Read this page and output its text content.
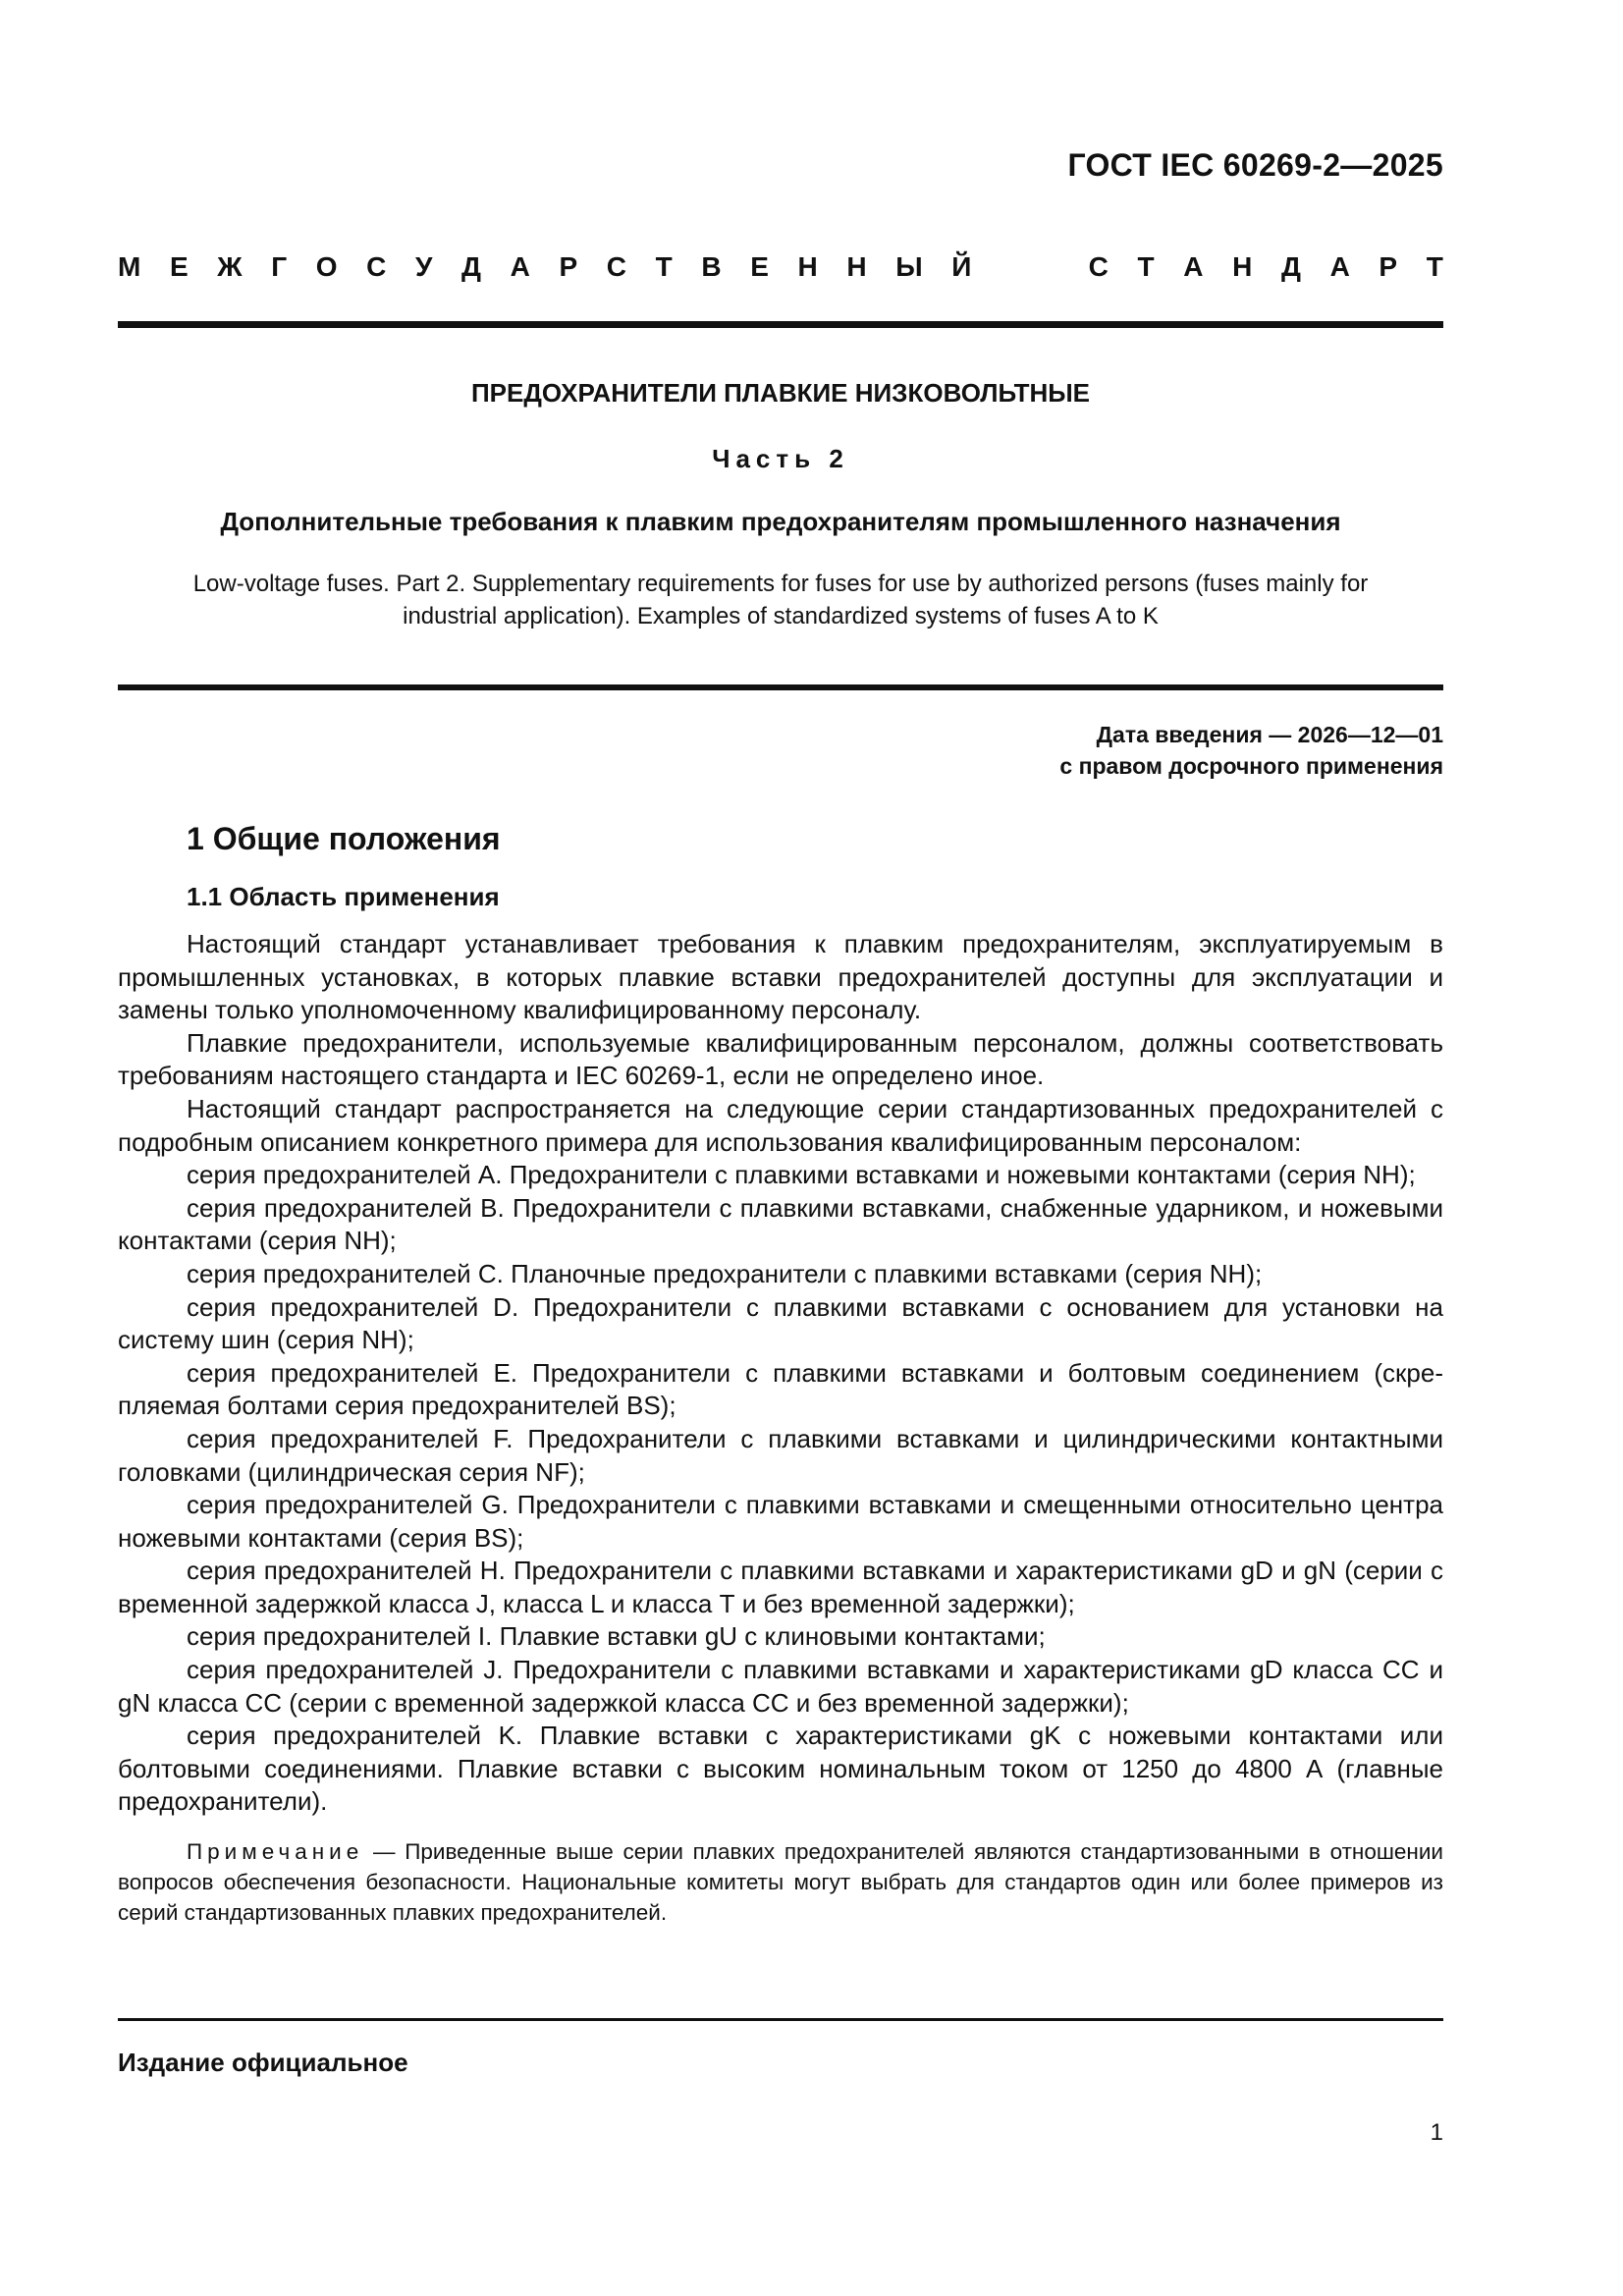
ГОСТ IEC 60269-2—2025
М Е Ж Г О С У Д А Р С Т В Е Н Н Ы Й	С Т А Н Д А Р Т
ПРЕДОХРАНИТЕЛИ ПЛАВКИЕ НИЗКОВОЛЬТНЫЕ
Часть 2
Дополнительные требования к плавким предохранителям промышленного назначения
Low-voltage fuses. Part 2. Supplementary requirements for fuses for use by authorized persons (fuses mainly for industrial application). Examples of standardized systems of fuses A to K
Дата введения — 2026—12—01
с правом досрочного применения
1 Общие положения
1.1 Область применения

Настоящий стандарт устанавливает требования к плавким предохранителям, эксплуатируемым в промышленных установках, в которых плавкие вставки предохранителей доступны для эксплуатации и замены только уполномоченному квалифицированному персоналу.

Плавкие предохранители, используемые квалифицированным персоналом, должны соответствовать требованиям настоящего стандарта и IEC 60269-1, если не определено иное.

Настоящий стандарт распространяется на следующие серии стандартизованных предохранителей с подробным описанием конкретного примера для использования квалифицированным персоналом:

серия предохранителей А. Предохранители с плавкими вставками и ножевыми контактами (серия NH);

серия предохранителей В. Предохранители с плавкими вставками, снабженные ударником, и ножевыми контактами (серия NH);

серия предохранителей С. Планочные предохранители с плавкими вставками (серия NH);

серия предохранителей D. Предохранители с плавкими вставками с основанием для установки на систему шин (серия NH);

серия предохранителей Е. Предохранители с плавкими вставками и болтовым соединением (скрепляемая болтами серия предохранителей BS);

серия предохранителей F. Предохранители с плавкими вставками и цилиндрическими контактными головками (цилиндрическая серия NF);

серия предохранителей G. Предохранители с плавкими вставками и смещенными относительно центра ножевыми контактами (серия BS);

серия предохранителей Н. Предохранители с плавкими вставками и характеристиками gD и gN (серии с временной задержкой класса J, класса L и класса Т и без временной задержки);

серия предохранителей I. Плавкие вставки gU с клиновыми контактами;

серия предохранителей J. Предохранители с плавкими вставками и характеристиками gD класса CC и gN класса CC (серии с временной задержкой класса CC и без временной задержки);

серия предохранителей K. Плавкие вставки с характеристиками gK с ножевыми контактами или болтовыми соединениями. Плавкие вставки с высоким номинальным током от 1250 до 4800 А (главные предохранители).

Примечание — Приведенные выше серии плавких предохранителей являются стандартизованными в отношении вопросов обеспечения безопасности. Национальные комитеты могут выбрать для стандартов один или более примеров из серий стандартизованных плавких предохранителей.

Издание официальное
1
